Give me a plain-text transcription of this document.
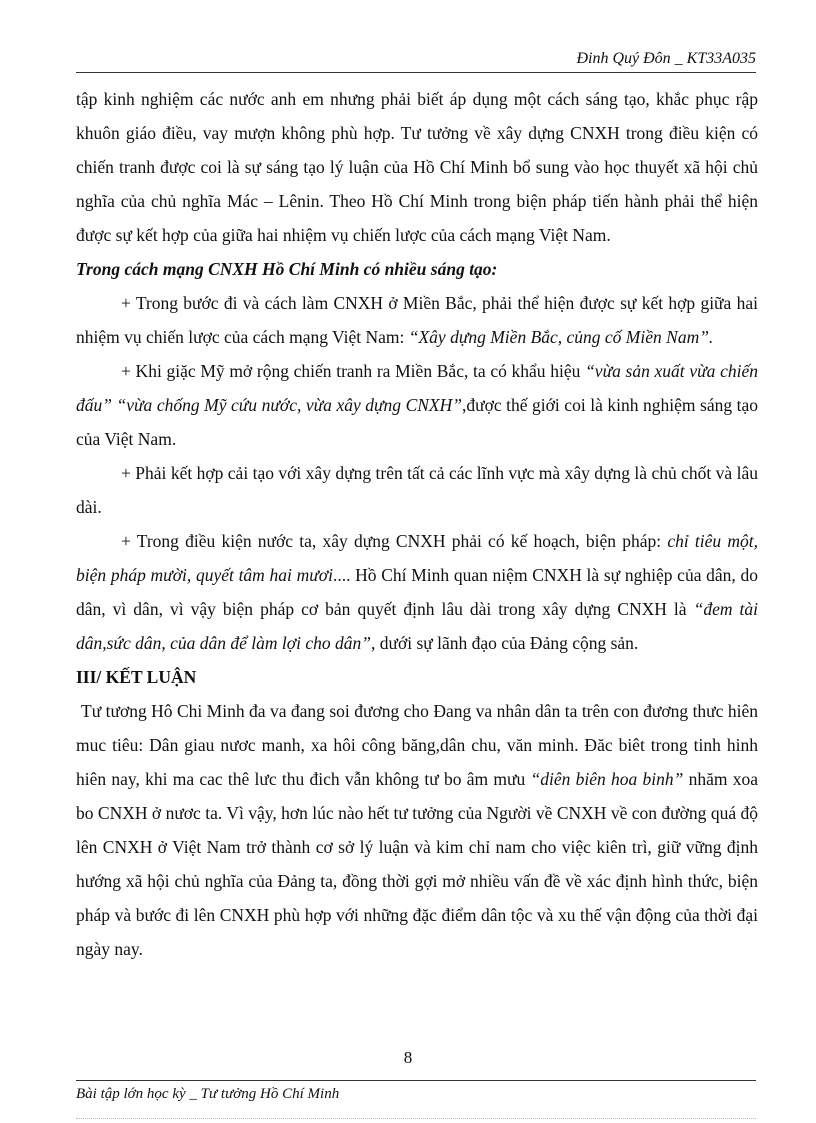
Đinh Quý Đôn _ KT33A035

tập kinh nghiệm các nước anh em nhưng phải biết áp dụng một cách sáng tạo, khắc phục rập khuôn giáo điều, vay mượn không phù hợp. Tư tưởng về xây dựng CNXH trong điều kiện có chiến tranh được coi là sự sáng tạo lý luận của Hồ Chí Minh bổ sung vào học thuyết xã hội chủ nghĩa của chủ nghĩa Mác – Lênin. Theo Hồ Chí Minh trong biện pháp tiến hành phải thể hiện được sự kết hợp của giữa hai nhiệm vụ chiến lược của cách mạng Việt Nam.

Trong cách mạng CNXH Hồ Chí Minh có nhiều sáng tạo:

+ Trong bước đi và cách làm CNXH ở Miền Bắc, phải thể hiện được sự kết hợp giữa hai nhiệm vụ chiến lược của cách mạng Việt Nam: “Xây dựng Miền Bắc, củng cố Miền Nam”.

+ Khi giặc Mỹ mở rộng chiến tranh ra Miền Bắc, ta có khẩu hiệu “vừa sản xuất vừa chiến đấu” “vừa chống Mỹ cứu nước, vừa xây dựng CNXH”,được thế giới coi là kinh nghiệm sáng tạo của Việt Nam.

+ Phải kết hợp cải tạo với xây dựng trên tất cả các lĩnh vực mà xây dựng là chủ chốt và lâu dài.

+ Trong điều kiện nước ta, xây dựng CNXH phải có kế hoạch, biện pháp: chỉ tiêu một, biện pháp mười, quyết tâm hai mươi.... Hồ Chí Minh quan niệm CNXH là sự nghiệp của dân, do dân, vì dân, vì vậy biện pháp cơ bản quyết định lâu dài trong xây dựng CNXH là “đem tài dân,sức dân, của dân để làm lợi cho dân”, dưới sự lãnh đạo của Đảng cộng sản.

III/ KẾT LUẬN

Tư tương Hô Chi Minh đa va đang soi đương cho Đang va nhân dân ta trên con đương thưc hiên muc tiêu: Dân giau nươc manh, xa hôi công băng,dân chu, văn minh. Đăc biêt trong tinh hinh hiên nay, khi ma cac thê lưc thu đich vẫn không tư bo âm mưu “diên biên hoa binh” nhăm xoa bo CNXH ở nươc ta. Vì vậy, hơn lúc nào hết tư tưởng của Người về CNXH về con đường quá độ lên CNXH ở Việt Nam trở thành cơ sở lý luận và kim chỉ nam cho việc kiên trì, giữ vững định hướng xã hội chủ nghĩa của Đảng ta, đồng thời gợi mở nhiều vấn đề về xác định hình thức, biện pháp và bước đi lên CNXH phù hợp với những đặc điểm dân tộc và xu thế vận động của thời đại ngày nay.

8
Bài tập lớn học kỳ _ Tư tưởng Hồ Chí Minh
